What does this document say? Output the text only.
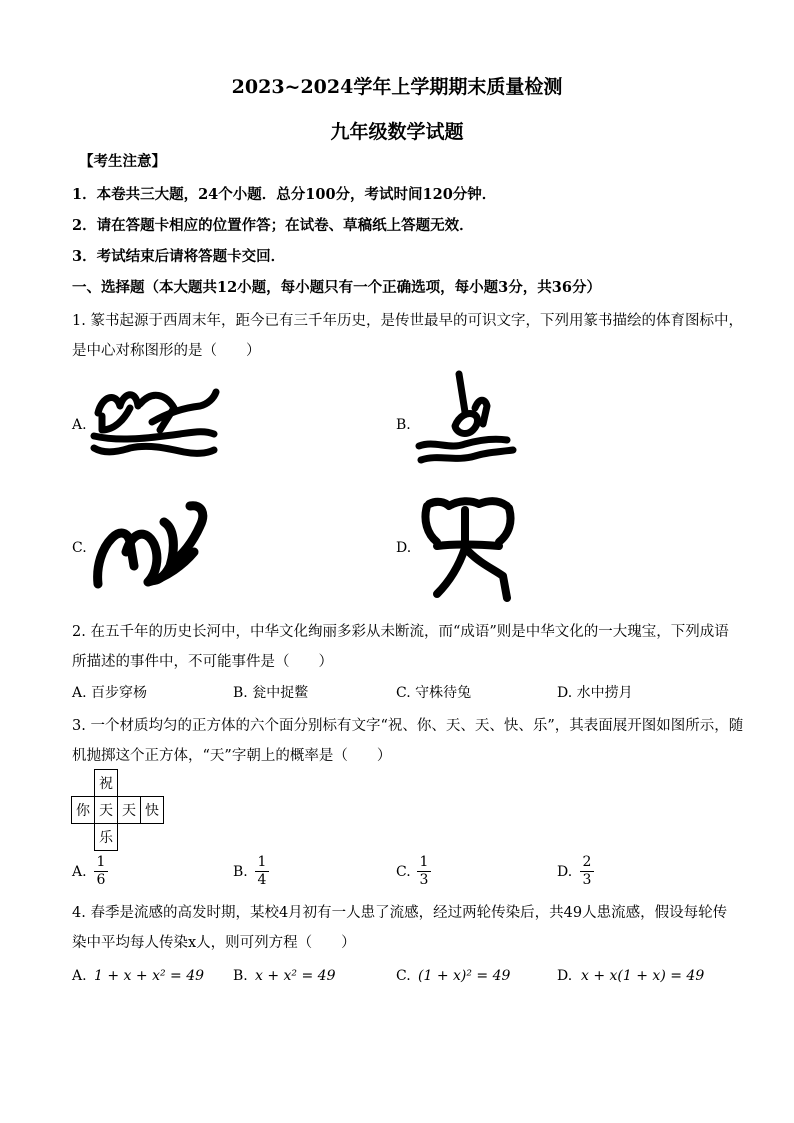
2023~2024学年上学期期末质量检测
九年级数学试题
【考生注意】
1．本卷共三大题，24个小题．总分100分，考试时间120分钟．
2．请在答题卡相应的位置作答；在试卷、草稿纸上答题无效．
3．考试结束后请将答题卡交回．
一、选择题（本大题共12小题，每小题只有一个正确选项，每小题3分，共36分）
1. 篆书起源于西周末年，距今已有三千年历史，是传世最早的可识文字，下列用篆书描绘的体育图标中，
是中心对称图形的是（　　）
A.	B.
C.	D.
2. 在五千年的历史长河中，中华文化绚丽多彩从未断流，而“成语”则是中华文化的一大瑰宝，下列成语
所描述的事件中，不可能事件是（　　）
A. 百步穿杨	B. 瓮中捉鳖	C. 守株待兔	D. 水中捞月
3. 一个材质均匀的正方体的六个面分别标有文字“祝、你、天、天、快、乐”，其表面展开图如图所示，随
机抛掷这个正方体，“天”字朝上的概率是（　　）
	祝		
你	天	天	快
	乐		
A.
1
6	B.
1
4	C.
1
3	D.
2
3
4. 春季是流感的高发时期，某校4月初有一人患了流感，经过两轮传染后，共49人患流感，假设每轮传
染中平均每人传染x人，则可列方程（　　）
A. 1 + x + x² = 49 B. x + x² = 49	C. (1 + x)² = 49	D. x + x(1 + x) = 49
